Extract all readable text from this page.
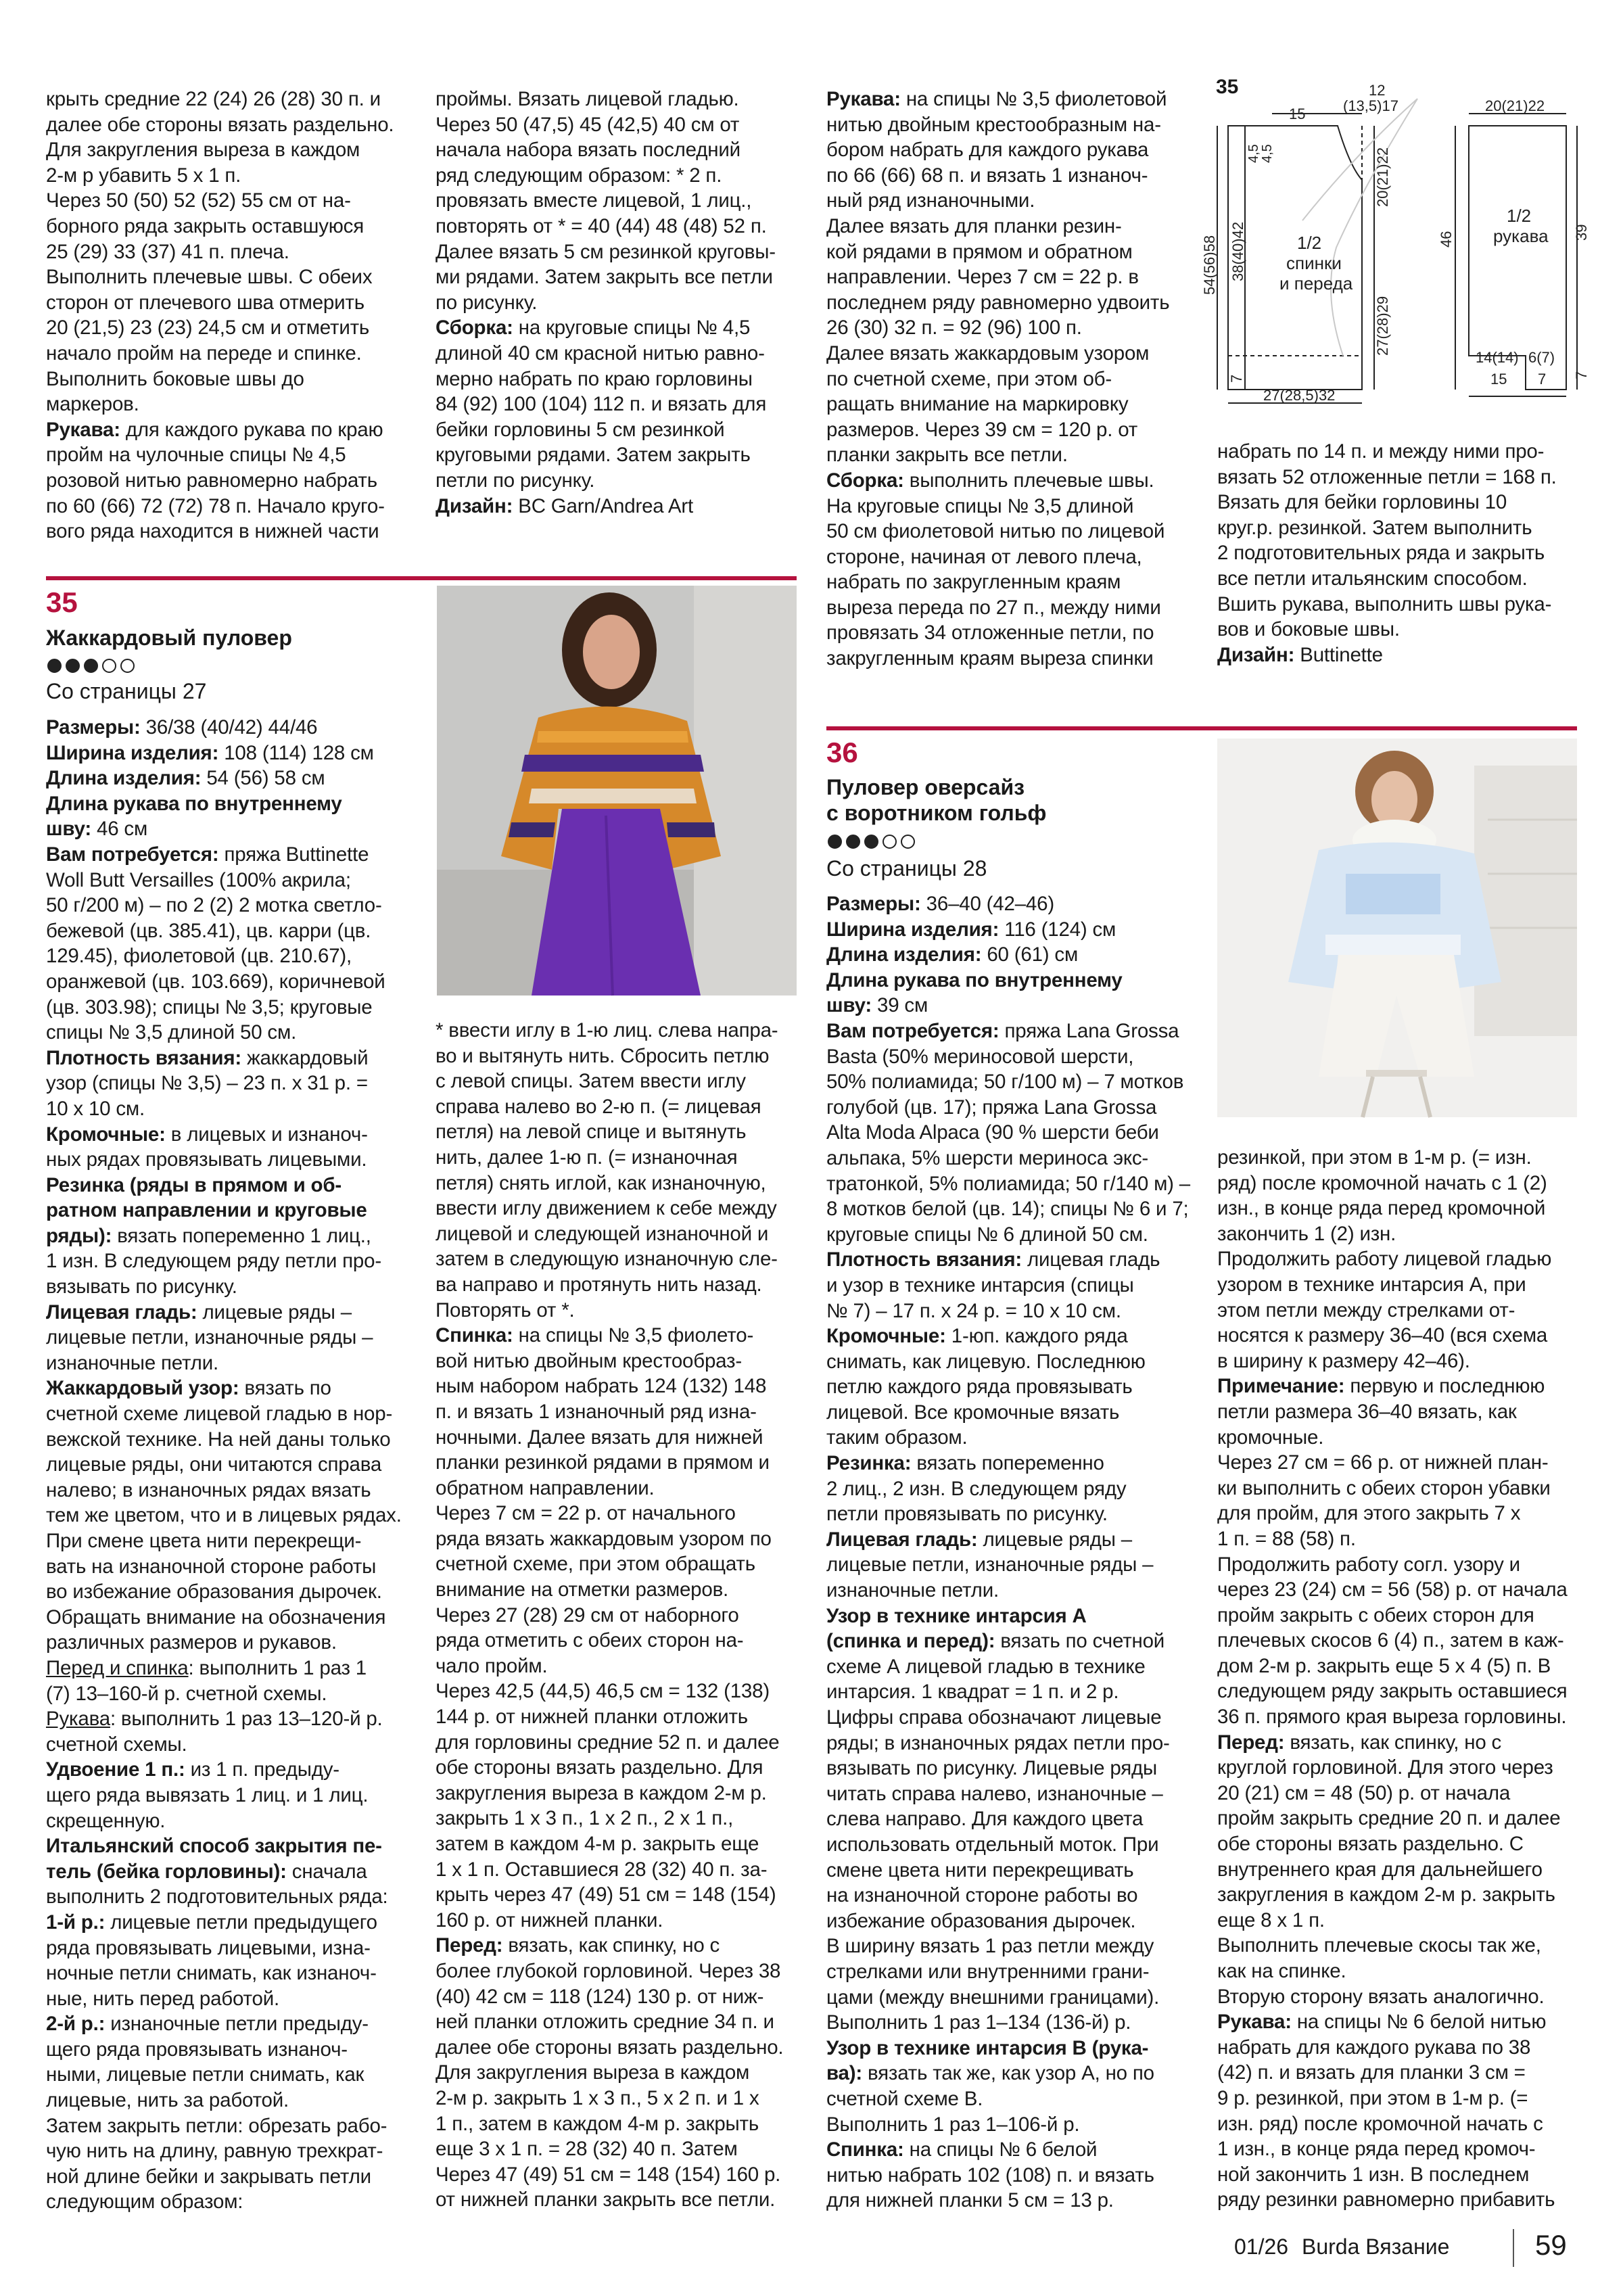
крыть средние 22 (24) 26 (28) 30 п. и

далее обе стороны вязать раздельно.

Для закругления выреза в каждом

2-м р убавить 5 х 1 п.

Через 50 (50) 52 (52) 55 см от на-

борного ряда закрыть оставшуюся

25 (29) 33 (37) 41 п. плеча.

Выполнить плечевые швы. С обеих

сторон от плечевого шва отмерить

20 (21,5) 23 (23) 24,5 см и отметить

начало пройм на переде и спинке.

Выполнить боковые швы до маркеров.

Рукава: для каждого рукава по краю

пройм на чулочные спицы № 4,5

розовой нитью равномерно набрать

по 60 (66) 72 (72) 78 п. Начало круго-

вого ряда находится в нижней части

проймы. Вязать лицевой гладью.

Через 50 (47,5) 45 (42,5) 40 см от

начала набора вязать последний

ряд следующим образом: * 2 п.

провязать вместе лицевой, 1 лиц.,

повторять от * = 40 (44) 48 (48) 52 п.

Далее вязать 5 см резинкой круговы-

ми рядами. Затем закрыть все петли

по рисунку.

Сборка: на круговые спицы № 4,5

длиной 40 см красной нитью равно-

мерно набрать по краю горловины

84 (92) 100 (104) 112 п. и вязать для

бейки горловины 5 см резинкой

круговыми рядами. Затем закрыть

петли по рисунку.

Дизайн: BC Garn/Andrea Art

Рукава: на спицы № 3,5 фиолетовой

нитью двойным крестообразным на-

бором набрать для каждого рукава

по 66 (66) 68 п. и вязать 1 изнаноч-

ный ряд изнаночными.

Далее вязать для планки резин-

кой рядами в прямом и обратном

направлении. Через 7 см = 22 р. в

последнем ряду равномерно удвоить

26 (30) 32 п. = 92 (96) 100 п.

Далее вязать жаккардовым узором

по счетной схеме, при этом об-

ращать внимание на маркировку

размеров. Через 39 см = 120 р. от

планки закрыть все петли.

Сборка: выполнить плечевые швы.

На круговые спицы № 3,5 длиной

50 см фиолетовой нитью по лицевой

стороне, начиная от левого плеча,

набрать по закругленным краям

выреза переда по 27 п., между ними

провязать 34 отложенные петли, по

закругленным краям выреза спинки

набрать по 14 п. и между ними про-

вязать 52 отложенные петли = 168 п.

Вязать для бейки горловины 10

круг.р. резинкой. Затем выполнить

2 подготовительных ряда и закрыть

все петли итальянским способом.

Вшить рукава, выполнить швы рука-

вов и боковые швы.

Дизайн: Buttinette

35	12
(13,5)17
15
4,5
4,5
38(40)42
54(56)58
7
20(21)22
27(28)29
1/2
спинки
и переда
27(28,5)32
20(21)22
46	39
7
1/2
рукава
14(14)
15
6(7)
7
35
Жаккардовый пуловер
Со страницы 27

Размеры: 36/38 (40/42) 44/46

Ширина изделия: 108 (114) 128 см

Длина изделия: 54 (56) 58 см

Длина рукава по внутреннему

шву: 46 см

Вам потребуется: пряжа Buttinette

Woll Butt Versailles (100% акрила;

50 г/200 м) – по 2 (2) 2 мотка светло-

бежевой (цв. 385.41), цв. карри (цв.

129.45), фиолетовой (цв. 210.67),

оранжевой (цв. 103.669), коричневой

(цв. 303.98); спицы № 3,5; круговые

спицы № 3,5 длиной 50 см.

Плотность вязания: жаккардовый

узор (спицы № 3,5) – 23 п. х 31 р. =

10 х 10 см.

Кромочные: в лицевых и изнаноч-

ных рядах провязывать лицевыми.

Резинка (ряды в прямом и об-

ратном направлении и круговые

ряды): вязать попеременно 1 лиц.,

1 изн. В следующем ряду петли про-

вязывать по рисунку.

Лицевая гладь: лицевые ряды –

лицевые петли, изнаночные ряды –

изнаночные петли.

Жаккардовый узор: вязать по

счетной схеме лицевой гладью в нор-

вежской технике. На ней даны только

лицевые ряды, они читаются справа

налево; в изнаночных рядах вязать

тем же цветом, что и в лицевых рядах.

При смене цвета нити перекрещи-

вать на изнаночной стороне работы

во избежание образования дырочек.

Обращать внимание на обозначения

различных размеров и рукавов.

Перед и спинка: выполнить 1 раз 1

(7) 13–160-й р. счетной схемы.

Рукава: выполнить 1 раз 13–120-й р.

счетной схемы.

Удвоение 1 п.: из 1 п. предыду-

щего ряда вывязать 1 лиц. и 1 лиц.

скрещенную.

Итальянский способ закрытия пе-

тель (бейка горловины): сначала

выполнить 2 подготовительных ряда:

1-й р.: лицевые петли предыдущего

ряда провязывать лицевыми, изна-

ночные петли снимать, как изнаноч-

ные, нить перед работой.

2-й р.: изнаночные петли предыду-

щего ряда провязывать изнаноч-

ными, лицевые петли снимать, как

лицевые, нить за работой.

Затем закрыть петли: обрезать рабо-

чую нить на длину, равную трехкрат-

ной длине бейки и закрывать петли

следующим образом:

* ввести иглу в 1-ю лиц. слева напра-

во и вытянуть нить. Сбросить петлю

с левой спицы. Затем ввести иглу

справа налево во 2-ю п. (= лицевая

петля) на левой спице и вытянуть

нить, далее 1-ю п. (= изнаночная

петля) снять иглой, как изнаночную,

ввести иглу движением к себе между

лицевой и следующей изнаночной и

затем в следующую изнаночную сле-

ва направо и протянуть нить назад.

Повторять от *.

Спинка: на спицы № 3,5 фиолето-

вой нитью двойным крестообраз-

ным набором набрать 124 (132) 148

п. и вязать 1 изнаночный ряд изна-

ночными. Далее вязать для нижней

планки резинкой рядами в прямом и

обратном направлении.

Через 7 см = 22 р. от начального

ряда вязать жаккардовым узором по

счетной схеме, при этом обращать

внимание на отметки размеров.

Через 27 (28) 29 см от наборного

ряда отметить с обеих сторон на-

чало пройм.

Через 42,5 (44,5) 46,5 см = 132 (138)

144 р. от нижней планки отложить

для горловины средние 52 п. и далее

обе стороны вязать раздельно. Для

закругления выреза в каждом 2-м р.

закрыть 1 х 3 п., 1 х 2 п., 2 х 1 п.,

затем в каждом 4-м р. закрыть еще

1 х 1 п. Оставшиеся 28 (32) 40 п. за-

крыть через 47 (49) 51 см = 148 (154)

160 р. от нижней планки.

Перед: вязать, как спинку, но с

более глубокой горловиной. Через 38

(40) 42 см = 118 (124) 130 р. от ниж-

ней планки отложить средние 34 п. и

далее обе стороны вязать раздельно.

Для закругления выреза в каждом

2-м р. закрыть 1 х 3 п., 5 х 2 п. и 1 х

1 п., затем в каждом 4-м р. закрыть

еще 3 х 1 п. = 28 (32) 40 п. Затем

Через 47 (49) 51 см = 148 (154) 160 р.

от нижней планки закрыть все петли.

36
Пуловер оверсайз
с воротником гольф
Со страницы 28

Размеры: 36–40 (42–46)

Ширина изделия: 116 (124) см

Длина изделия: 60 (61) см

Длина рукава по внутреннему

шву: 39 см

Вам потребуется: пряжа Lana Grossa

Basta (50% мериносовой шерсти,

50% полиамида; 50 г/100 м) – 7 мотков

голубой (цв. 17); пряжа Lana Grossa

Alta Moda Alpaca (90 % шерсти беби

альпака, 5% шерсти мериноса экс-

тратонкой, 5% полиамида; 50 г/140 м) –

8 мотков белой (цв. 14); спицы № 6 и 7;

круговые спицы № 6 длиной 50 см.

Плотность вязания: лицевая гладь

и узор в технике интарсия (спицы

№ 7) – 17 п. х 24 р. = 10 х 10 см.

Кромочные: 1-юп. каждого ряда

снимать, как лицевую. Последнюю

петлю каждого ряда провязывать

лицевой. Все кромочные вязать

таким образом.

Резинка: вязать попеременно

2 лиц., 2 изн. В следующем ряду

петли провязывать по рисунку.

Лицевая гладь: лицевые ряды –

лицевые петли, изнаночные ряды –

изнаночные петли.

Узор в технике интарсия А

(спинка и перед): вязать по счетной

схеме А лицевой гладью в технике

интарсия. 1 квадрат = 1 п. и 2 р.

Цифры справа обозначают лицевые

ряды; в изнаночных рядах петли про-

вязывать по рисунку. Лицевые ряды

читать справа налево, изнаночные –

слева направо. Для каждого цвета

использовать отдельный моток. При

смене цвета нити перекрещивать

на изнаночной стороне работы во

избежание образования дырочек.

В ширину вязать 1 раз петли между

стрелками или внутренними грани-

цами (между внешними границами).

Выполнить 1 раз 1–134 (136-й) р.

Узор в технике интарсия В (рука-

ва): вязать так же, как узор А, но по

счетной схеме В.

Выполнить 1 раз 1–106-й р.

Спинка: на спицы № 6 белой

нитью набрать 102 (108) п. и вязать

для нижней планки 5 см = 13 р.

резинкой, при этом в 1-м р. (= изн.

ряд) после кромочной начать с 1 (2)

изн., в конце ряда перед кромочной

закончить 1 (2) изн.

Продолжить работу лицевой гладью

узором в технике интарсия А, при

этом петли между стрелками от-

носятся к размеру 36–40 (вся схема

в ширину к размеру 42–46).

Примечание: первую и последнюю

петли размера 36–40 вязать, как

кромочные.

Через 27 см = 66 р. от нижней план-

ки выполнить с обеих сторон убавки

для пройм, для этого закрыть 7 х

1 п. = 88 (58) п.

Продолжить работу согл. узору и

через 23 (24) см = 56 (58) р. от начала

пройм закрыть с обеих сторон для

плечевых скосов 6 (4) п., затем в каж-

дом 2-м р. закрыть еще 5 х 4 (5) п. В

следующем ряду закрыть оставшиеся

36 п. прямого края выреза горловины.

Перед: вязать, как спинку, но с

круглой горловиной. Для этого через

20 (21) см = 48 (50) р. от начала

пройм закрыть средние 20 п. и далее

обе стороны вязать раздельно. С

внутреннего края для дальнейшего

закругления в каждом 2-м р. закрыть

еще 8 х 1 п.

Выполнить плечевые скосы так же,

как на спинке.

Вторую сторону вязать аналогично.

Рукава: на спицы № 6 белой нитью

набрать для каждого рукава по 38

(42) п. и вязать для планки 3 см =

9 р. резинкой, при этом в 1-м р. (=

изн. ряд) после кромочной начать с

1 изн., в конце ряда перед кромоч-

ной закончить 1 изн. В последнем

ряду резинки равномерно прибавить

01/26 Burda Вязание	59
